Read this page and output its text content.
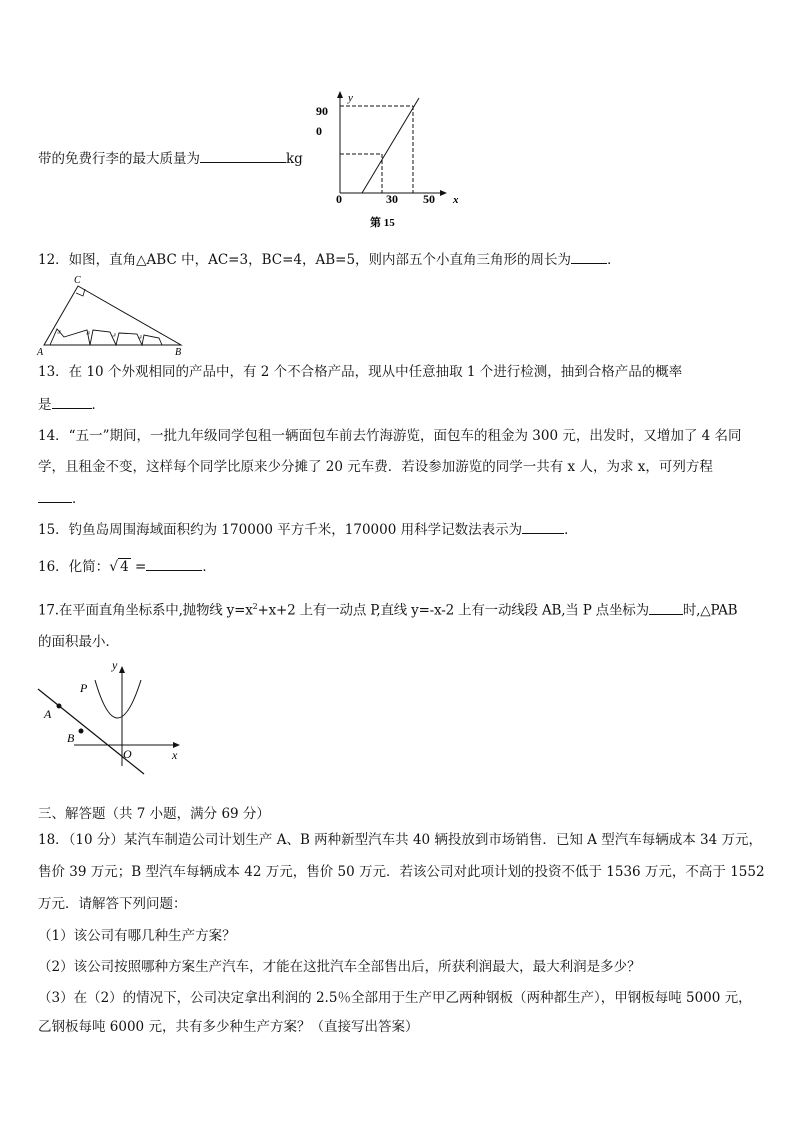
带的免费行李的最大质量为	kg
y
90
0
0	30 50 x
第 15
12．如图，直角△ABC 中，AC=3，BC=4，AB=5，则内部五个小直角三角形的周长为	．
C
A	B
13．在 10 个外观相同的产品中，有 2 个不合格产品，现从中任意抽取 1 个进行检测，抽到合格产品的概率
是	．
14．“五一”期间，一批九年级同学包租一辆面包车前去竹海游览，面包车的租金为 300 元，出发时，又增加了 4 名同
学，且租金不变，这样每个同学比原来少分摊了 20 元车费．若设参加游览的同学一共有 x 人，为求 x，可列方程
．
15．钓鱼岛周围海域面积约为 170000 平方千米，170000 用科学记数法表示为	．
16．化简：√ 4 =	．
17.在平面直角坐标系中,抛物线 $y=x^2+x+2$ 上有一动点 P,直线 y=-x-2 上有一动线段 AB,当 P 点坐标为	时,△PAB
的面积最小．
y
x
O
P
A
B
三、解答题（共 7 小题，满分 69 分）
18．（10 分）某汽车制造公司计划生产 A、B 两种新型汽车共 40 辆投放到市场销售．已知 A 型汽车每辆成本 34 万元，
售价 39 万元；B 型汽车每辆成本 42 万元，售价 50 万元．若该公司对此项计划的投资不低于 1536 万元，不高于 1552
万元．请解答下列问题：
（1）该公司有哪几种生产方案？
（2）该公司按照哪种方案生产汽车，才能在这批汽车全部售出后，所获利润最大，最大利润是多少？
（3）在（2）的情况下，公司决定拿出利润的 2.5％全部用于生产甲乙两种钢板（两种都生产），甲钢板每吨 5000 元，
乙钢板每吨 6000 元，共有多少种生产方案？（直接写出答案）
